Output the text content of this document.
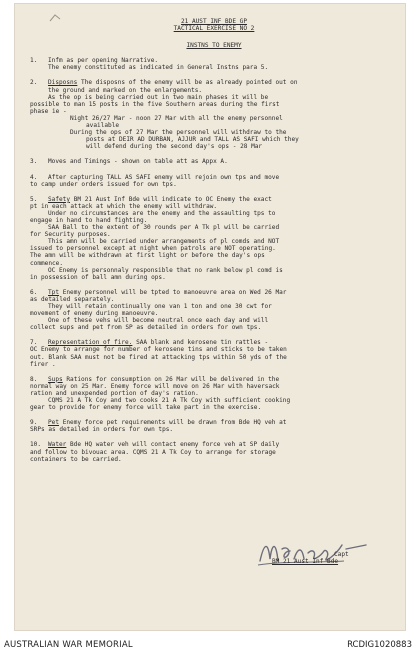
21 AUST INF BDE GP
TACTICAL EXERCISE NO 2
INSTNS TO ENEMY
1. Infm as per opening Narrative.
The enemy constituted as indicated in General Instns para 5.
2. Disposns The disposns of the enemy will be as already pointed out on
the ground and marked on the enlargements.
As the op is being carried out in two main phases it will be
possible to man 15 posts in the five Southern areas during the first
phase ie -
Night 26/27 Mar - noon 27 Mar with all the enemy personnel
available
During the ops of 27 Mar the personnel will withdraw to the
posts at DEIR AD DURBAN, AJJUR and TALL AS SAFI which they
will defend during the second day's ops - 28 Mar
3. Moves and Timings - shown on table att as Appx A.
4. After capturing TALL AS SAFI enemy will rejoin own tps and move
to camp under orders issued for own tps.
5. Safety BM 21 Aust Inf Bde will indicate to OC Enemy the exact
pt in each attack at which the enemy will withdraw.
Under no circumstances are the enemy and the assaulting tps to
engage in hand to hand fighting.
SAA Ball to the extent of 30 rounds per A Tk pl will be carried
for Security purposes.
This amn will be carried under arrangements of pl comds and NOT
issued to personnel except at night when patrols are NOT operating.
The amn will be withdrawn at first light or before the day's ops
commence.
OC Enemy is personnaly responsible that no rank below pl comd is
in possession of ball amn during ops.
6. Tpt Enemy personnel will be tpted to manoeuvre area on Wed 26 Mar
as detailed separately.
They will retain continually one van 1 ton and one 30 cwt for
movement of enemy during manoeuvre.
One of these vehs will become neutral once each day and will
collect sups and pet from SP as detailed in orders for own tps.
7. Representation of fire. SAA blank and kerosene tin rattles -
OC Enemy to arrange for number of kerosene tins and sticks to be taken
out. Blank SAA must not be fired at attacking tps within 50 yds of the
firer .
8. Sups Rations for consumption on 26 Mar will be delivered in the
normal way on 25 Mar. Enemy force will move on 26 Mar with haversack
ration and unexpended portion of day's ration.
CQMS 21 A Tk Coy and two cooks 21 A Tk Coy with sufficient cooking
gear to provide for enemy force will take part in the exercise.
9. Pet Enemy force pet requirements will be drawn from Bde HQ veh at
SRPs as detailed in orders for own tps.
10. Water Bde HQ water veh will contact enemy force veh at SP daily
and follow to bivouac area. CQMS 21 A Tk Coy to arrange for storage
containers to be carried.
Capt
BM 21 Aust Inf Bde
AUSTRALIAN WAR MEMORIAL	RCDIG1020883
